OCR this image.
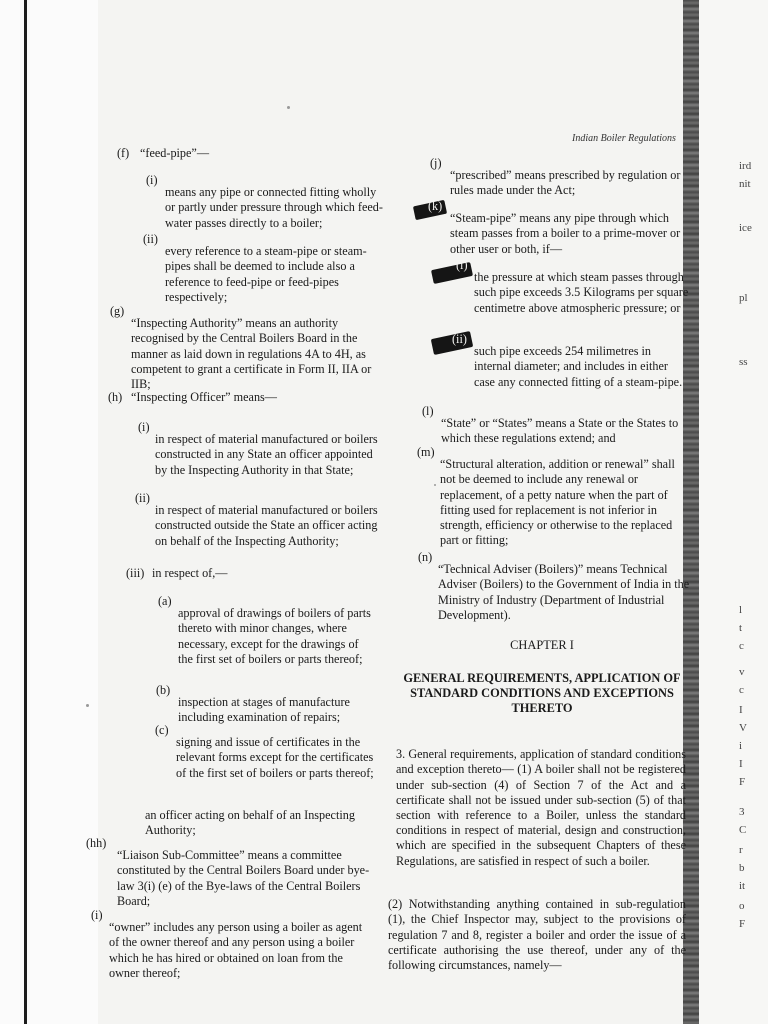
ird
nit
ice
pl
ss
l
t
c
v
c
I
V
i
I
F
3
C
r
b
it
o
F
Indian Boiler Regulations
(f) “feed-pipe”—
(i)

means any pipe or connected fitting wholly or partly under pressure through which feed-water passes directly to a boiler;

(ii)

every reference to a steam-pipe or steam-pipes shall be deemed to include also a reference to feed-pipe or feed-pipes respectively;

(g)

“Inspecting Authority” means an authority recognised by the Central Boilers Board in the manner as laid down in regulations 4A to 4H, as competent to grant a certificate in Form II, IIA or IIB;

(h) “Inspecting Officer” means—
(i)

in respect of material manufactured or boilers constructed in any State an officer appointed by the Inspecting Authority in that State;

(ii)

in respect of material manufactured or boilers constructed outside the State an officer acting on behalf of the Inspecting Authority;

(iii) in respect of,—
(a)

approval of drawings of boilers of parts thereto with minor changes, where necessary, except for the drawings of the first set of boilers or parts thereof;

(b)

inspection at stages of manufacture including examination of repairs;

(c)

signing and issue of certificates in the relevant forms except for the certificates of the first set of boilers or parts thereof;

an officer acting on behalf of an Inspecting Authority;

(hh)

“Liaison Sub-Committee” means a committee constituted by the Central Boilers Board under bye-law 3(i) (e) of the Bye-laws of the Central Boilers Board;

(i)

“owner” includes any person using a boiler as agent of the owner thereof and any person using a boiler which he has hired or obtained on loan from the owner thereof;

(j)

“prescribed” means prescribed by regulation or rules made under the Act;

(k)

“Steam-pipe” means any pipe through which steam passes from a boiler to a prime-mover or other user or both, if—

(i)

the pressure at which steam passes through such pipe exceeds 3.5 Kilograms per square centimetre above atmospheric pressure; or

(ii)

such pipe exceeds 254 milimetres in internal diameter; and includes in either case any connected fitting of a steam-pipe.

(l)

“State” or “States” means a State or the States to which these regulations extend; and

(m)

“Structural alteration, addition or renewal” shall not be deemed to include any renewal or replacement, of a petty nature when the part of fitting used for replacement is not inferior in strength, efficiency or otherwise to the replaced part or fitting;

(n)

“Technical Adviser (Boilers)” means Technical Adviser (Boilers) to the Government of India in the Ministry of Industry (Department of Industrial Development).

CHAPTER I
GENERAL REQUIREMENTS, APPLICATION OF
STANDARD CONDITIONS AND EXCEPTIONS
THERETO

3. General requirements, application of standard conditions and exception thereto— (1) A boiler shall not be registered under sub-section (4) of Section 7 of the Act and a certificate shall not be issued under sub-section (5) of that section with reference to a Boiler, unless the standard conditions in respect of material, design and construction, which are specified in the subsequent Chapters of these Regulations, are satisfied in respect of such a boiler.

(2) Notwithstanding anything contained in sub-regulation (1), the Chief Inspector may, subject to the provisions of regulation 7 and 8, register a boiler and order the issue of a certificate authorising the use thereof, under any of the following circumstances, namely—
